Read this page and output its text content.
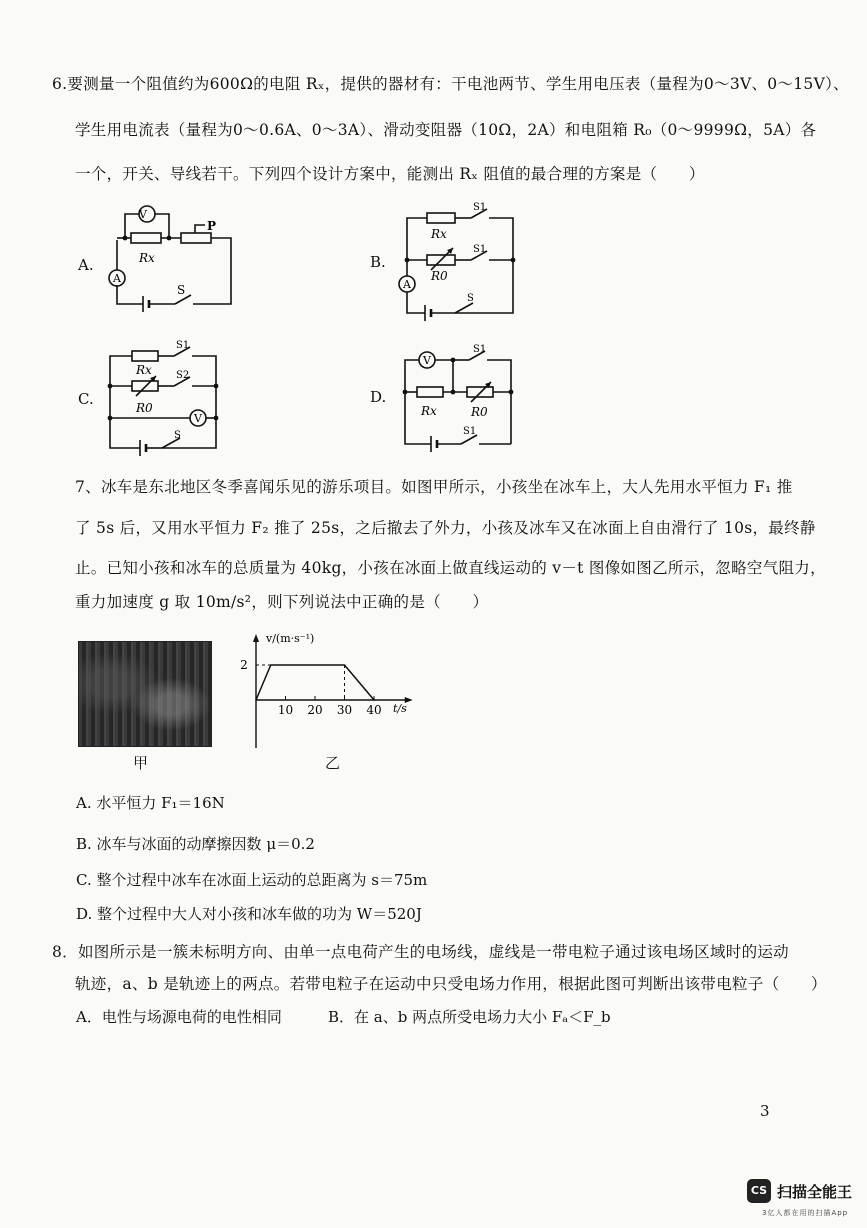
6.要测量一个阻值约为600Ω的电阻 Rₓ，提供的器材有：干电池两节、学生用电压表（量程为0～3V、0～15V）、
学生用电流表（量程为0～0.6A、0～3A）、滑动变阻器（10Ω，2A）和电阻箱 R₀（0～9999Ω，5A）各
一个，开关、导线若干。下列四个设计方案中，能测出 Rₓ 阻值的最合理的方案是（　　）
A.
V
A
P
Rx
S
B.
A
Rx
R0
S1
S1
S
C.
V
Rx
R0
S1
S2
S
D.
V
Rx	R0
S1
S1
7、冰车是东北地区冬季喜闻乐见的游乐项目。如图甲所示，小孩坐在冰车上，大人先用水平恒力 F₁ 推
了 5s 后，又用水平恒力 F₂ 推了 25s，之后撤去了外力，小孩及冰车又在冰面上自由滑行了 10s，最终静
止。已知小孩和冰车的总质量为 40kg，小孩在冰面上做直线运动的 v－t 图像如图乙所示，忽略空气阻力，
重力加速度 g 取 10m/s²，则下列说法中正确的是（　　）
甲
10 20 30 40
2
v/(m·s⁻¹)
t/s
乙
A. 水平恒力 F₁＝16N
B. 冰车与冰面的动摩擦因数 μ＝0.2
C. 整个过程中冰车在冰面上运动的总距离为 s＝75m
D. 整个过程中大人对小孩和冰车做的功为 W＝520J
8．如图所示是一簇未标明方向、由单一点电荷产生的电场线，虚线是一带电粒子通过该电场区域时的运动
轨迹，a、b 是轨迹上的两点。若带电粒子在运动中只受电场力作用，根据此图可判断出该带电粒子（　　）
A．电性与场源电荷的电性相同	B．在 a、b 两点所受电场力大小 Fₐ＜F_b
3
CS 扫描全能王
3亿人都在用的扫描App
